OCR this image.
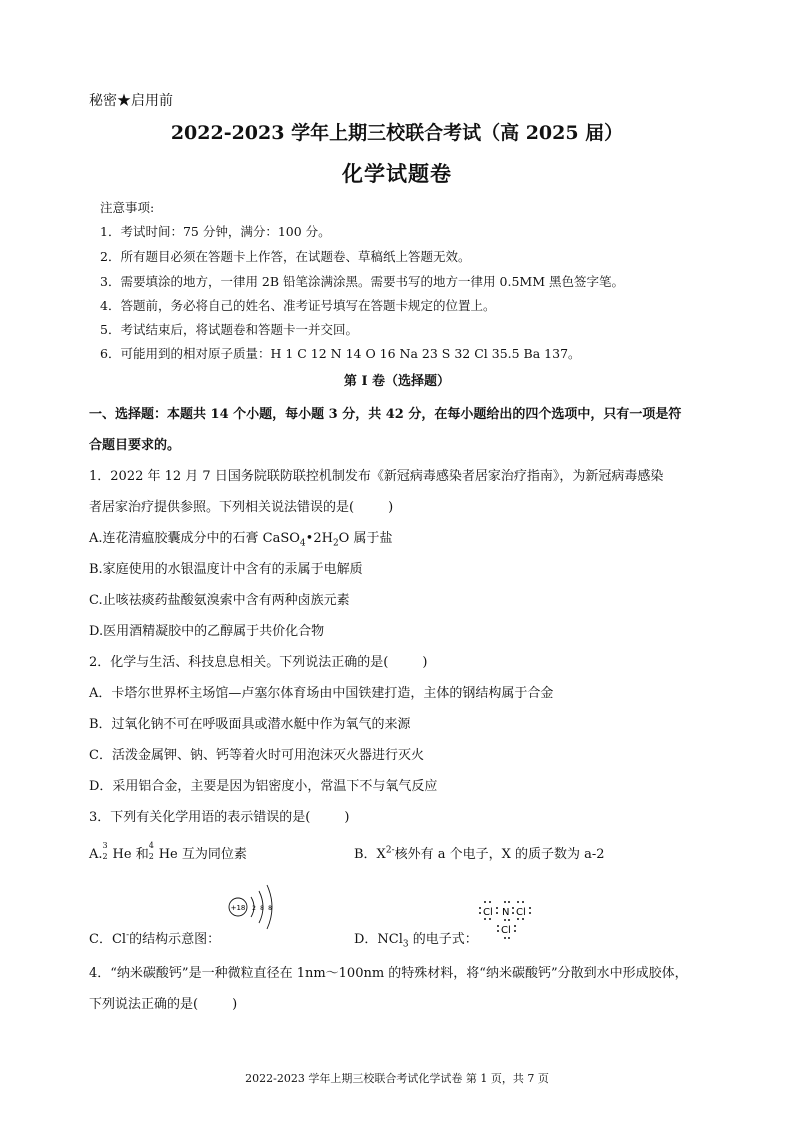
秘密★启用前
2022-2023 学年上期三校联合考试（高 2025 届）
化学试题卷
注意事项:
1．考试时间：75 分钟，满分：100 分。
2．所有题目必须在答题卡上作答，在试题卷、草稿纸上答题无效。
3．需要填涂的地方，一律用 2B 铅笔涂满涂黑。需要书写的地方一律用 0.5MM 黑色签字笔。
4．答题前，务必将自己的姓名、准考证号填写在答题卡规定的位置上。
5．考试结束后，将试题卷和答题卡一并交回。
6．可能用到的相对原子质量：H 1 C 12 N 14 O 16 Na 23 S 32 Cl 35.5 Ba 137。
第 I 卷（选择题）
一、选择题：本题共 14 个小题，每小题 3 分，共 42 分，在每小题给出的四个选项中，只有一项是符
合题目要求的。
1．2022 年 12 月 7 日国务院联防联控机制发布《新冠病毒感染者居家治疗指南》，为新冠病毒感染
者居家治疗提供参照。下列相关说法错误的是(	)
A.连花清瘟胶囊成分中的石膏 $CaSO_4•2H_2O$ 属于盐
B.家庭使用的水银温度计中含有的汞属于电解质
C.止咳祛痰药盐酸氨溴索中含有两种卤族元素
D.医用酒精凝胶中的乙醇属于共价化合物
2．化学与生活、科技息息相关。下列说法正确的是(	)
A．卡塔尔世界杯主场馆—卢塞尔体育场由中国铁建打造，主体的钢结构属于合金
B．过氧化钠不可在呼吸面具或潜水艇中作为氧气的来源
C．活泼金属钾、钠、钙等着火时可用泡沫灭火器进行灭火
D．采用铝合金，主要是因为铝密度小，常温下不与氧气反应
3．下列有关化学用语的表示错误的是(	)
A.
3
2 He 和
4
2 He 互为同位素	B．$X^{2-}$核外有 a 个电子，X 的质子数为 a-2
+18 2 8 8
C．Cl-的结构示意图：
Cl N Cl
Cl
D．NCl$_3$ 的电子式：
4．“纳米碳酸钙”是一种微粒直径在 1nm～100nm 的特殊材料，将“纳米碳酸钙”分散到水中形成胶体，
下列说法正确的是(	)
2022-2023 学年上期三校联合考试化学试卷 第 1 页，共 7 页
